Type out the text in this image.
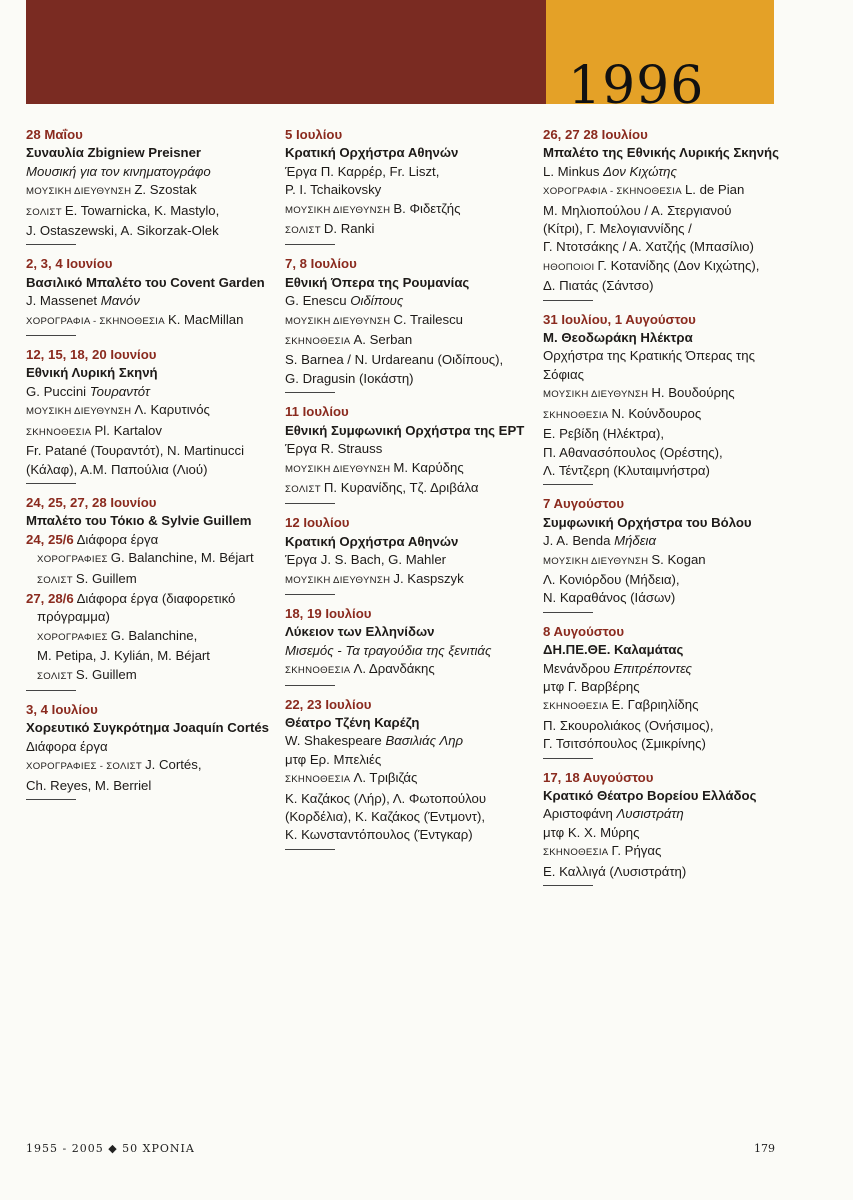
1996
28 Μαΐου
Συναυλία Zbigniew Preisner
Μουσική για τον κινηματογράφο
ΜΟΥΣΙΚΗ ΔΙΕΥΘΥΝΣΗ Z. Szostak
ΣΟΛΙΣΤ E. Towarnicka, K. Mastylo,
J. Ostaszewski, A. Sikorzak-Olek
2, 3, 4 Ιουνίου
Βασιλικό Μπαλέτο του Covent Garden
J. Massenet Μανόν
ΧΟΡΟΓΡΑΦΙΑ - ΣΚΗΝΟΘΕΣΙΑ K. MacMillan
12, 15, 18, 20 Ιουνίου
Εθνική Λυρική Σκηνή
G. Puccini Τουραντότ
ΜΟΥΣΙΚΗ ΔΙΕΥΘΥΝΣΗ Λ. Καρυτινός
ΣΚΗΝΟΘΕΣΙΑ Pl. Kartalov
Fr. Patané (Τουραντότ), N. Martinucci
(Κάλαφ), Α.Μ. Παπούλια (Λιού)
24, 25, 27, 28 Ιουνίου
Μπαλέτο του Τόκιο & Sylvie Guillem
24, 25/6 Διάφορα έργα
ΧΟΡΟΓΡΑΦΙΕΣ G. Balanchine, M. Béjart
ΣΟΛΙΣΤ S. Guillem
27, 28/6 Διάφορα έργα (διαφορετικό
πρόγραμμα)
ΧΟΡΟΓΡΑΦΙΕΣ G. Balanchine,
M. Petipa, J. Kylián, M. Béjart
ΣΟΛΙΣΤ S. Guillem
3, 4 Ιουλίου
Χορευτικό Συγκρότημα Joaquín Cortés
Διάφορα έργα
ΧΟΡΟΓΡΑΦΙΕΣ - ΣΟΛΙΣΤ J. Cortés,
Ch. Reyes, M. Berriel
5 Ιουλίου
Κρατική Ορχήστρα Αθηνών
Έργα Π. Καρρέρ, Fr. Liszt,
P. I. Tchaikovsky
ΜΟΥΣΙΚΗ ΔΙΕΥΘΥΝΣΗ Β. Φιδετζής
ΣΟΛΙΣΤ D. Ranki
7, 8 Ιουλίου
Εθνική Όπερα της Ρουμανίας
G. Enescu Οιδίπους
ΜΟΥΣΙΚΗ ΔΙΕΥΘΥΝΣΗ C. Trailescu
ΣΚΗΝΟΘΕΣΙΑ A. Serban
S. Barnea / N. Urdareanu (Οιδίπους),
G. Dragusin (Ιοκάστη)
11 Ιουλίου
Εθνική Συμφωνική Ορχήστρα της ΕΡΤ
Έργα R. Strauss
ΜΟΥΣΙΚΗ ΔΙΕΥΘΥΝΣΗ Μ. Καρύδης
ΣΟΛΙΣΤ Π. Κυρανίδης, Τζ. Δριβάλα
12 Ιουλίου
Κρατική Ορχήστρα Αθηνών
Έργα J. S. Bach, G. Mahler
ΜΟΥΣΙΚΗ ΔΙΕΥΘΥΝΣΗ J. Kaspszyk
18, 19 Ιουλίου
Λύκειον των Ελληνίδων
Μισεμός - Τα τραγούδια της ξενιτιάς
ΣΚΗΝΟΘΕΣΙΑ Λ. Δρανδάκης
22, 23 Ιουλίου
Θέατρο Τζένη Καρέζη
W. Shakespeare Βασιλιάς Ληρ
μτφ Ερ. Μπελιές
ΣΚΗΝΟΘΕΣΙΑ Λ. Τριβιζάς
Κ. Καζάκος (Λήρ), Λ. Φωτοπούλου
(Κορδέλια), Κ. Καζάκος (Έντμοντ),
Κ. Κωνσταντόπουλος (Έντγκαρ)
26, 27 28 Ιουλίου
Μπαλέτο της Εθνικής Λυρικής Σκηνής
L. Minkus Δον Κιχώτης
ΧΟΡΟΓΡΑΦΙΑ - ΣΚΗΝΟΘΕΣΙΑ L. de Pian
Μ. Μηλιοπούλου / Α. Στεργιανού
(Κίτρι), Γ. Μελογιαννίδης /
Γ. Ντοτσάκης / Α. Χατζής (Μπασίλιο)
ΗΘΟΠΟΙΟΙ Γ. Κοτανίδης (Δον Κιχώτης),
Δ. Πιατάς (Σάντσο)
31 Ιουλίου, 1 Αυγούστου
Μ. Θεοδωράκη Ηλέκτρα
Ορχήστρα της Κρατικής Όπερας της
Σόφιας
ΜΟΥΣΙΚΗ ΔΙΕΥΘΥΝΣΗ Η. Βουδούρης
ΣΚΗΝΟΘΕΣΙΑ Ν. Κούνδουρος
Ε. Ρεβίδη (Ηλέκτρα),
Π. Αθανασόπουλος (Ορέστης),
Λ. Τέντζερη (Κλυταιμνήστρα)
7 Αυγούστου
Συμφωνική Ορχήστρα του Βόλου
J. A. Benda Μήδεια
ΜΟΥΣΙΚΗ ΔΙΕΥΘΥΝΣΗ S. Kogan
Λ. Κονιόρδου (Μήδεια),
Ν. Καραθάνος (Ιάσων)
8 Αυγούστου
ΔΗ.ΠΕ.ΘΕ. Καλαμάτας
Μενάνδρου Επιτρέποντες
μτφ Γ. Βαρβέρης
ΣΚΗΝΟΘΕΣΙΑ Ε. Γαβριηλίδης
Π. Σκουρολιάκος (Ονήσιμος),
Γ. Τσιτσόπουλος (Σμικρίνης)
17, 18 Αυγούστου
Κρατικό Θέατρο Βορείου Ελλάδος
Αριστοφάνη Λυσιστράτη
μτφ Κ. Χ. Μύρης
ΣΚΗΝΟΘΕΣΙΑ Γ. Ρήγας
Ε. Καλλιγά (Λυσιστράτη)
1955 - 2005 ◆ 50 ΧΡΟΝΙΑ	179
